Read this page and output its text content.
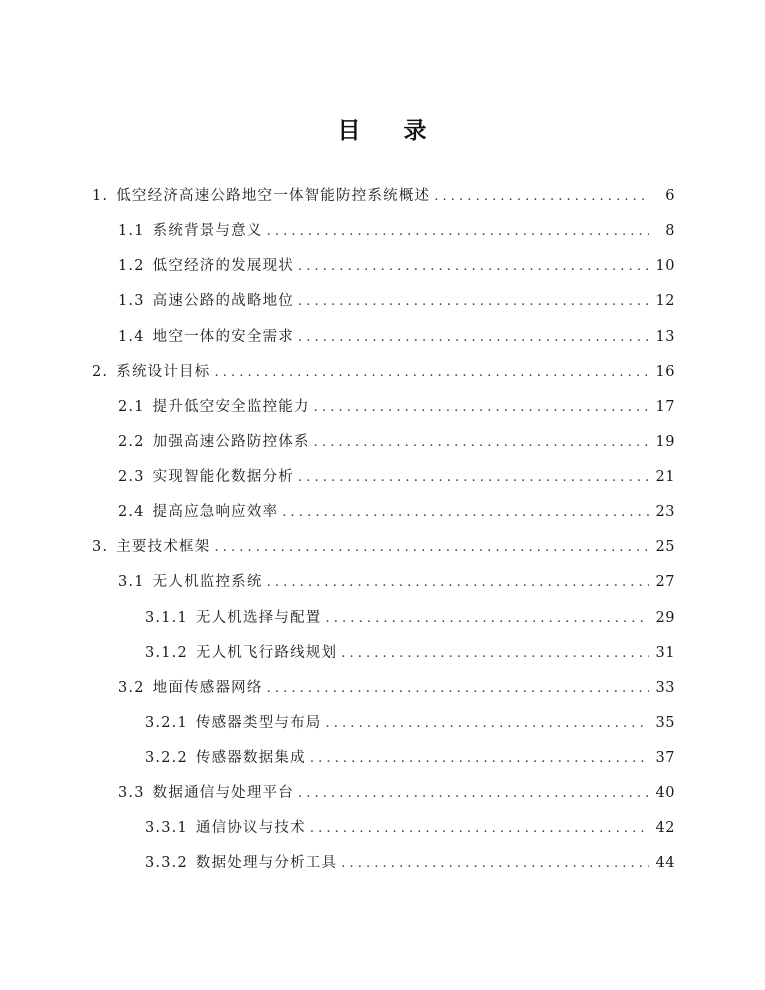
目 录
1. 低空经济高速公路地空一体智能防控系统概述 . . .	6
1.1 系统背景与意义 . . .	8
1.2 低空经济的发展现状 . . .	10
1.3 高速公路的战略地位 . . .	12
1.4 地空一体的安全需求 . . .	13
2. 系统设计目标 . . .	16
2.1 提升低空安全监控能力 . . .	17
2.2 加强高速公路防控体系 . . .	19
2.3 实现智能化数据分析 . . .	21
2.4 提高应急响应效率 . . .	23
3. 主要技术框架 . . .	25
3.1 无人机监控系统 . . .	27
3.1.1 无人机选择与配置 . . .	29
3.1.2 无人机飞行路线规划 . . .	31
3.2 地面传感器网络 . . .	33
3.2.1 传感器类型与布局 . . .	35
3.2.2 传感器数据集成 . . .	37
3.3 数据通信与处理平台 . . .	40
3.3.1 通信协议与技术 . . .	42
3.3.2 数据处理与分析工具 . . .	44
